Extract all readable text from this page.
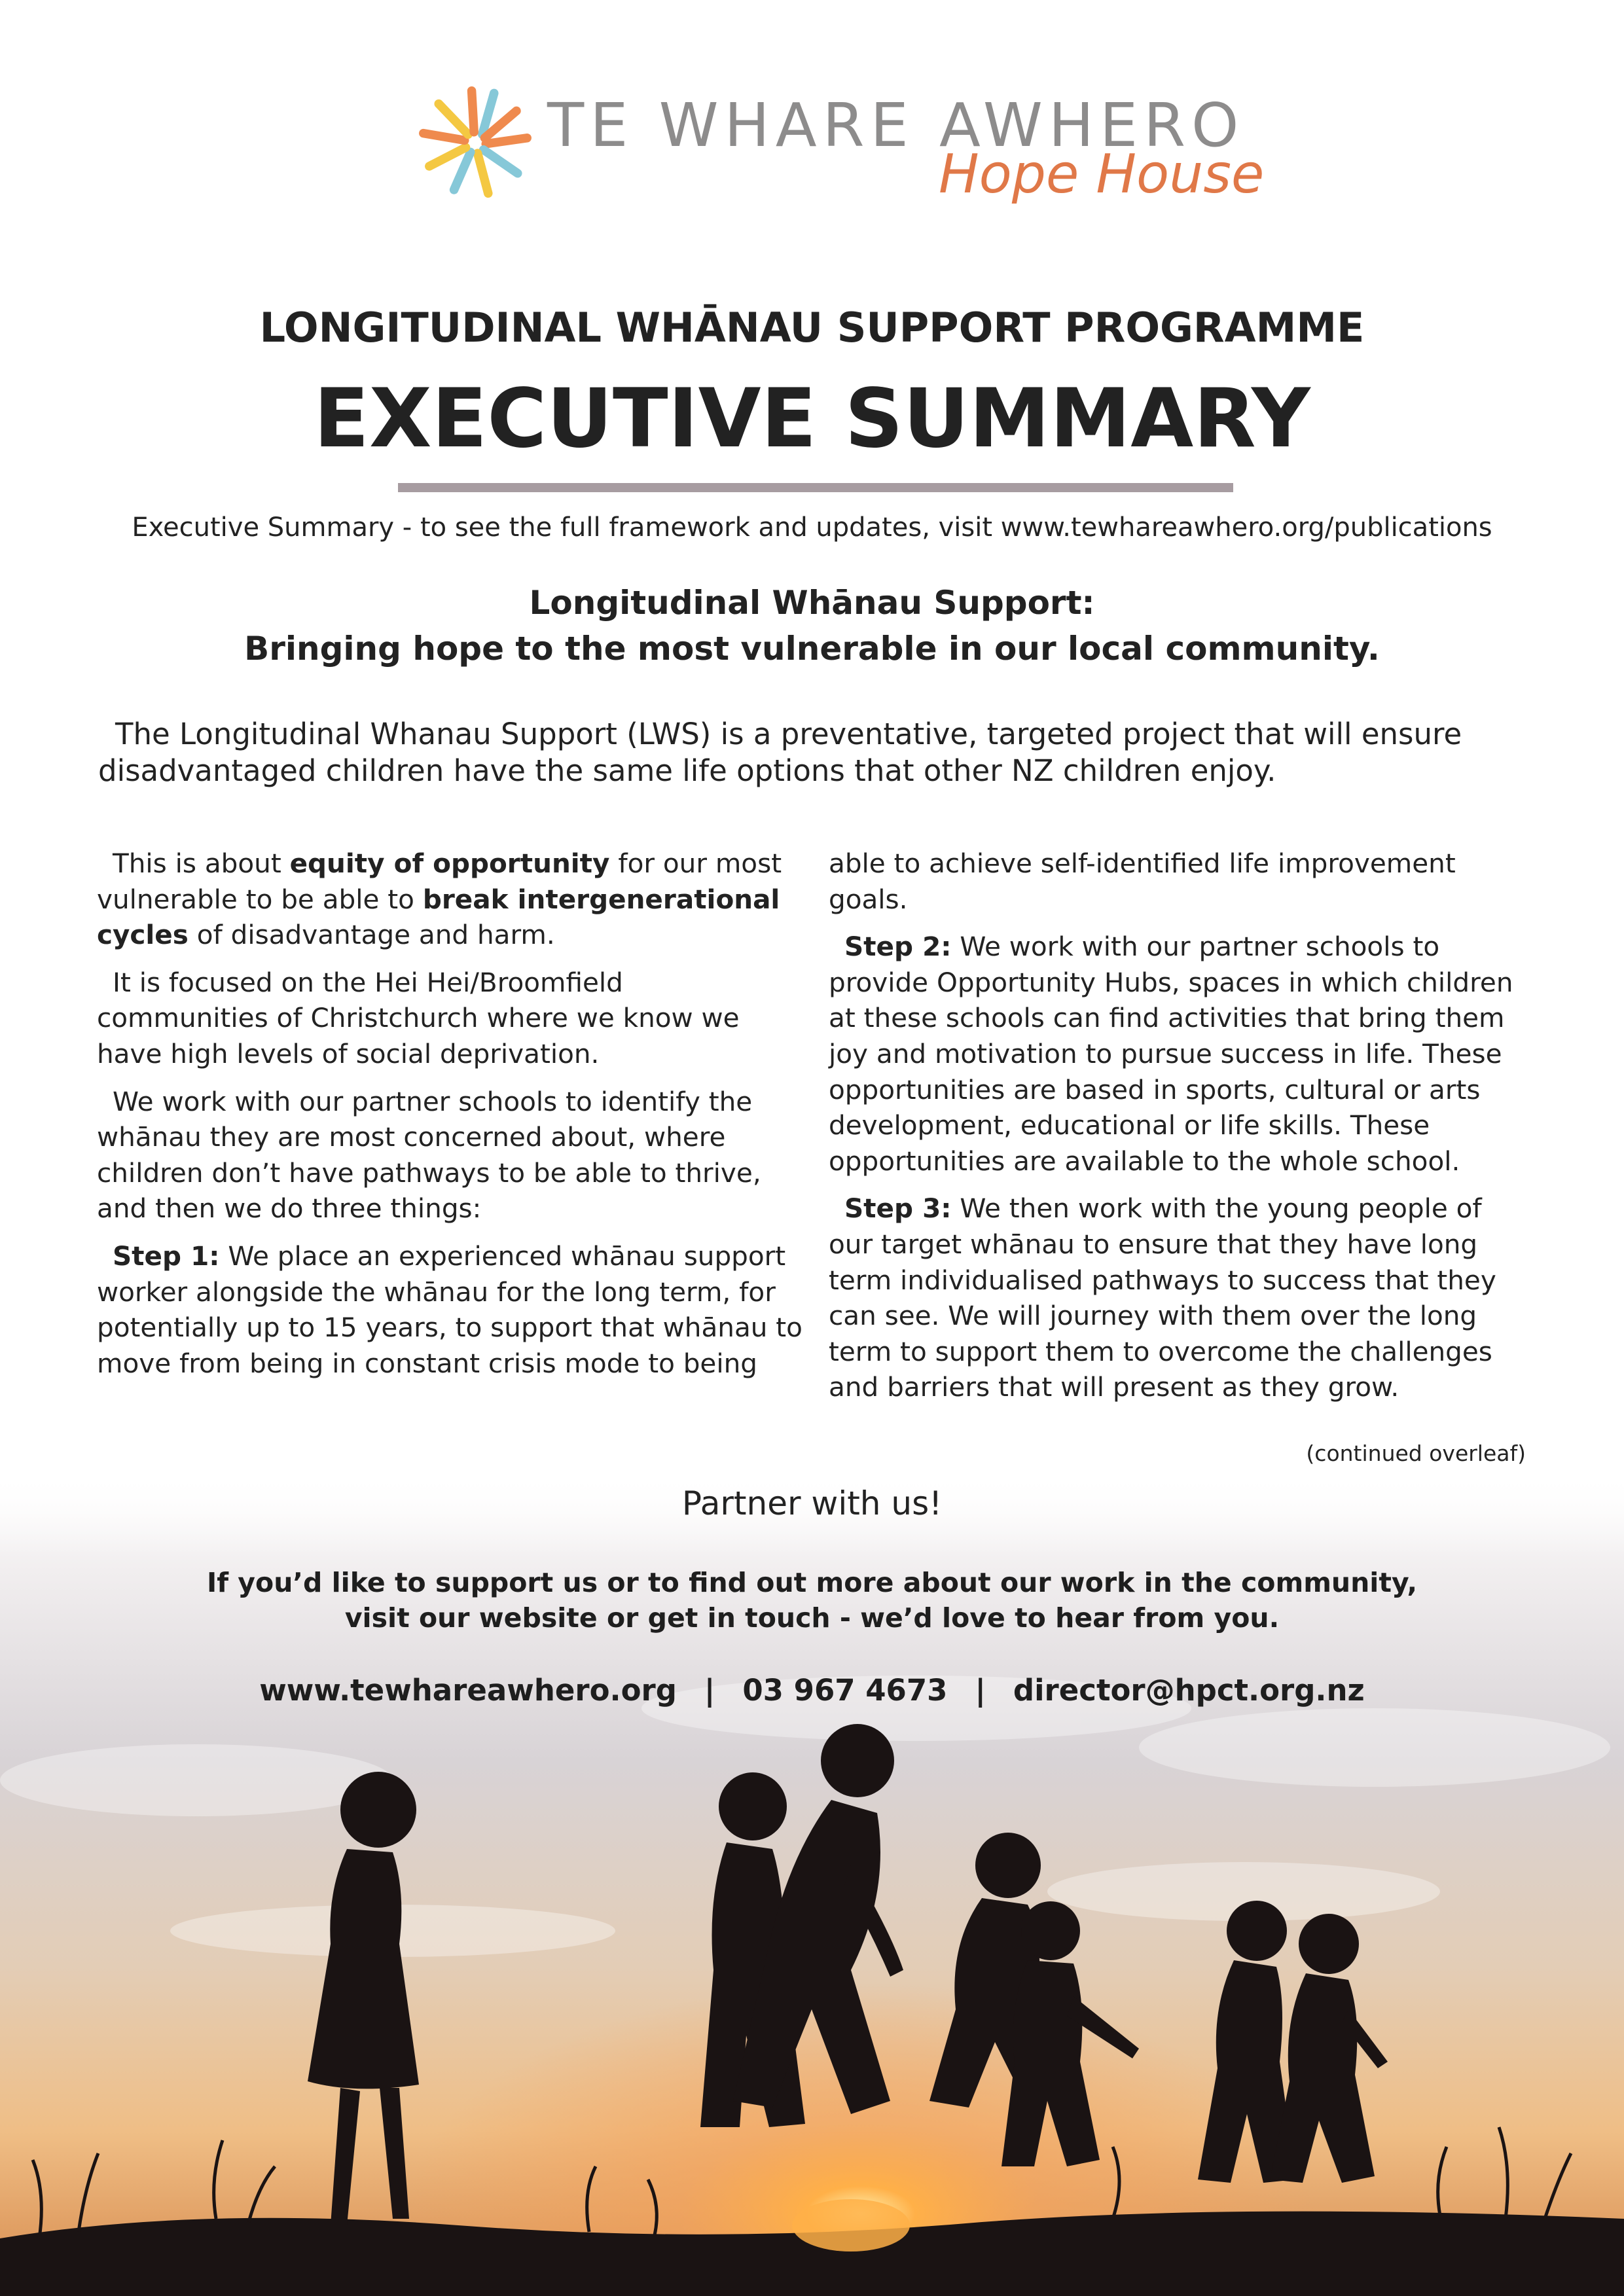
TE WHARE AWHERO
Hope House
LONGITUDINAL WHĀNAU SUPPORT PROGRAMME
EXECUTIVE SUMMARY
Executive Summary - to see the full framework and updates, visit www.tewhareawhero.org/publications
Longitudinal Whānau Support:
Bringing hope to the most vulnerable in our local community.
The Longitudinal Whanau Support (LWS) is a preventative, targeted project that will ensure disadvantaged children have the same life options that other NZ children enjoy.

This is about equity of opportunity for our most vulnerable to be able to break intergenerational cycles of disadvantage and harm.

It is focused on the Hei Hei/Broomfield communities of Christchurch where we know we have high levels of social deprivation.

We work with our partner schools to identify the whānau they are most concerned about, where children don’t have pathways to be able to thrive, and then we do three things:

Step 1: We place an experienced whānau support worker alongside the whānau for the long term, for potentially up to 15 years, to support that whānau to move from being in constant crisis mode to being

able to achieve self-identified life improvement goals.

Step 2: We work with our partner schools to provide Opportunity Hubs, spaces in which children at these schools can find activities that bring them joy and motivation to pursue success in life. These opportunities are based in sports, cultural or arts development, educational or life skills. These opportunities are available to the whole school.

Step 3: We then work with the young people of our target whānau to ensure that they have long term individualised pathways to success that they can see. We will journey with them over the long term to support them to overcome the challenges and barriers that will present as they grow.

(continued overleaf)
Partner with us!
If you’d like to support us or to find out more about our work in the community,
visit our website or get in touch - we’d love to hear from you.
www.tewhareawhero.org | 03 967 4673 | director@hpct.org.nz
